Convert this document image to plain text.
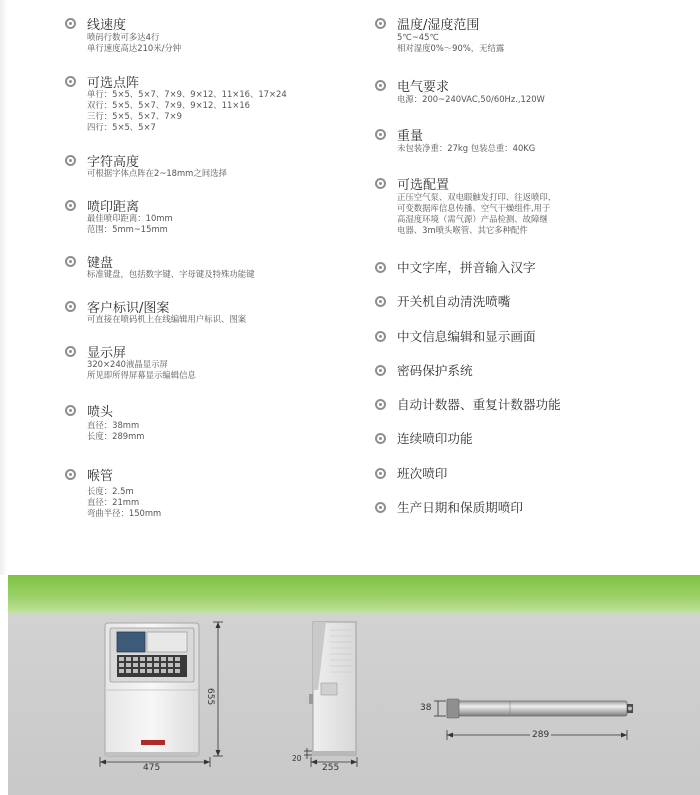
线速度
喷码行数可多达4行
单行速度高达210米/分钟
可选点阵
单行：5×5、5×7、7×9、9×12、11×16、17×24
双行：5×5、5×7、7×9、9×12、11×16
三行：5×5、5×7、7×9
四行：5×5、5×7
字符高度
可根据字体点阵在2~18mm之间选择
喷印距离
最佳喷印距离：10mm
范围：5mm~15mm
键盘
标准键盘，包括数字键、字母键及特殊功能键
客户标识/图案
可直接在喷码机上在线编辑用户标识、图案
显示屏
320×240液晶显示屏
所见即所得屏幕显示编辑信息
喷头
直径：38mm
长度：289mm
喉管
长度：2.5m
直径：21mm
弯曲半径：150mm
温度/湿度范围
5℃~45℃
相对湿度0%～90%，无结露
电气要求
电源：200~240VAC,50/60Hz.,120W
重量
未包装净重：27kg 包装总重：40KG
可选配置
正压空气泵、双电眼触发打印、往返喷印、
可变数据库信息传播、空气干燥组件,用于
高湿度环境（需气源）产品检测、故障继
电器、3m喷头喉管、其它多种配件
中文字库，拼音输入汉字
开关机自动清洗喷嘴
中文信息编辑和显示画面
密码保护系统
自动计数器、重复计数器功能
连续喷印功能
班次喷印
生产日期和保质期喷印
475
655
255
20
38
289
